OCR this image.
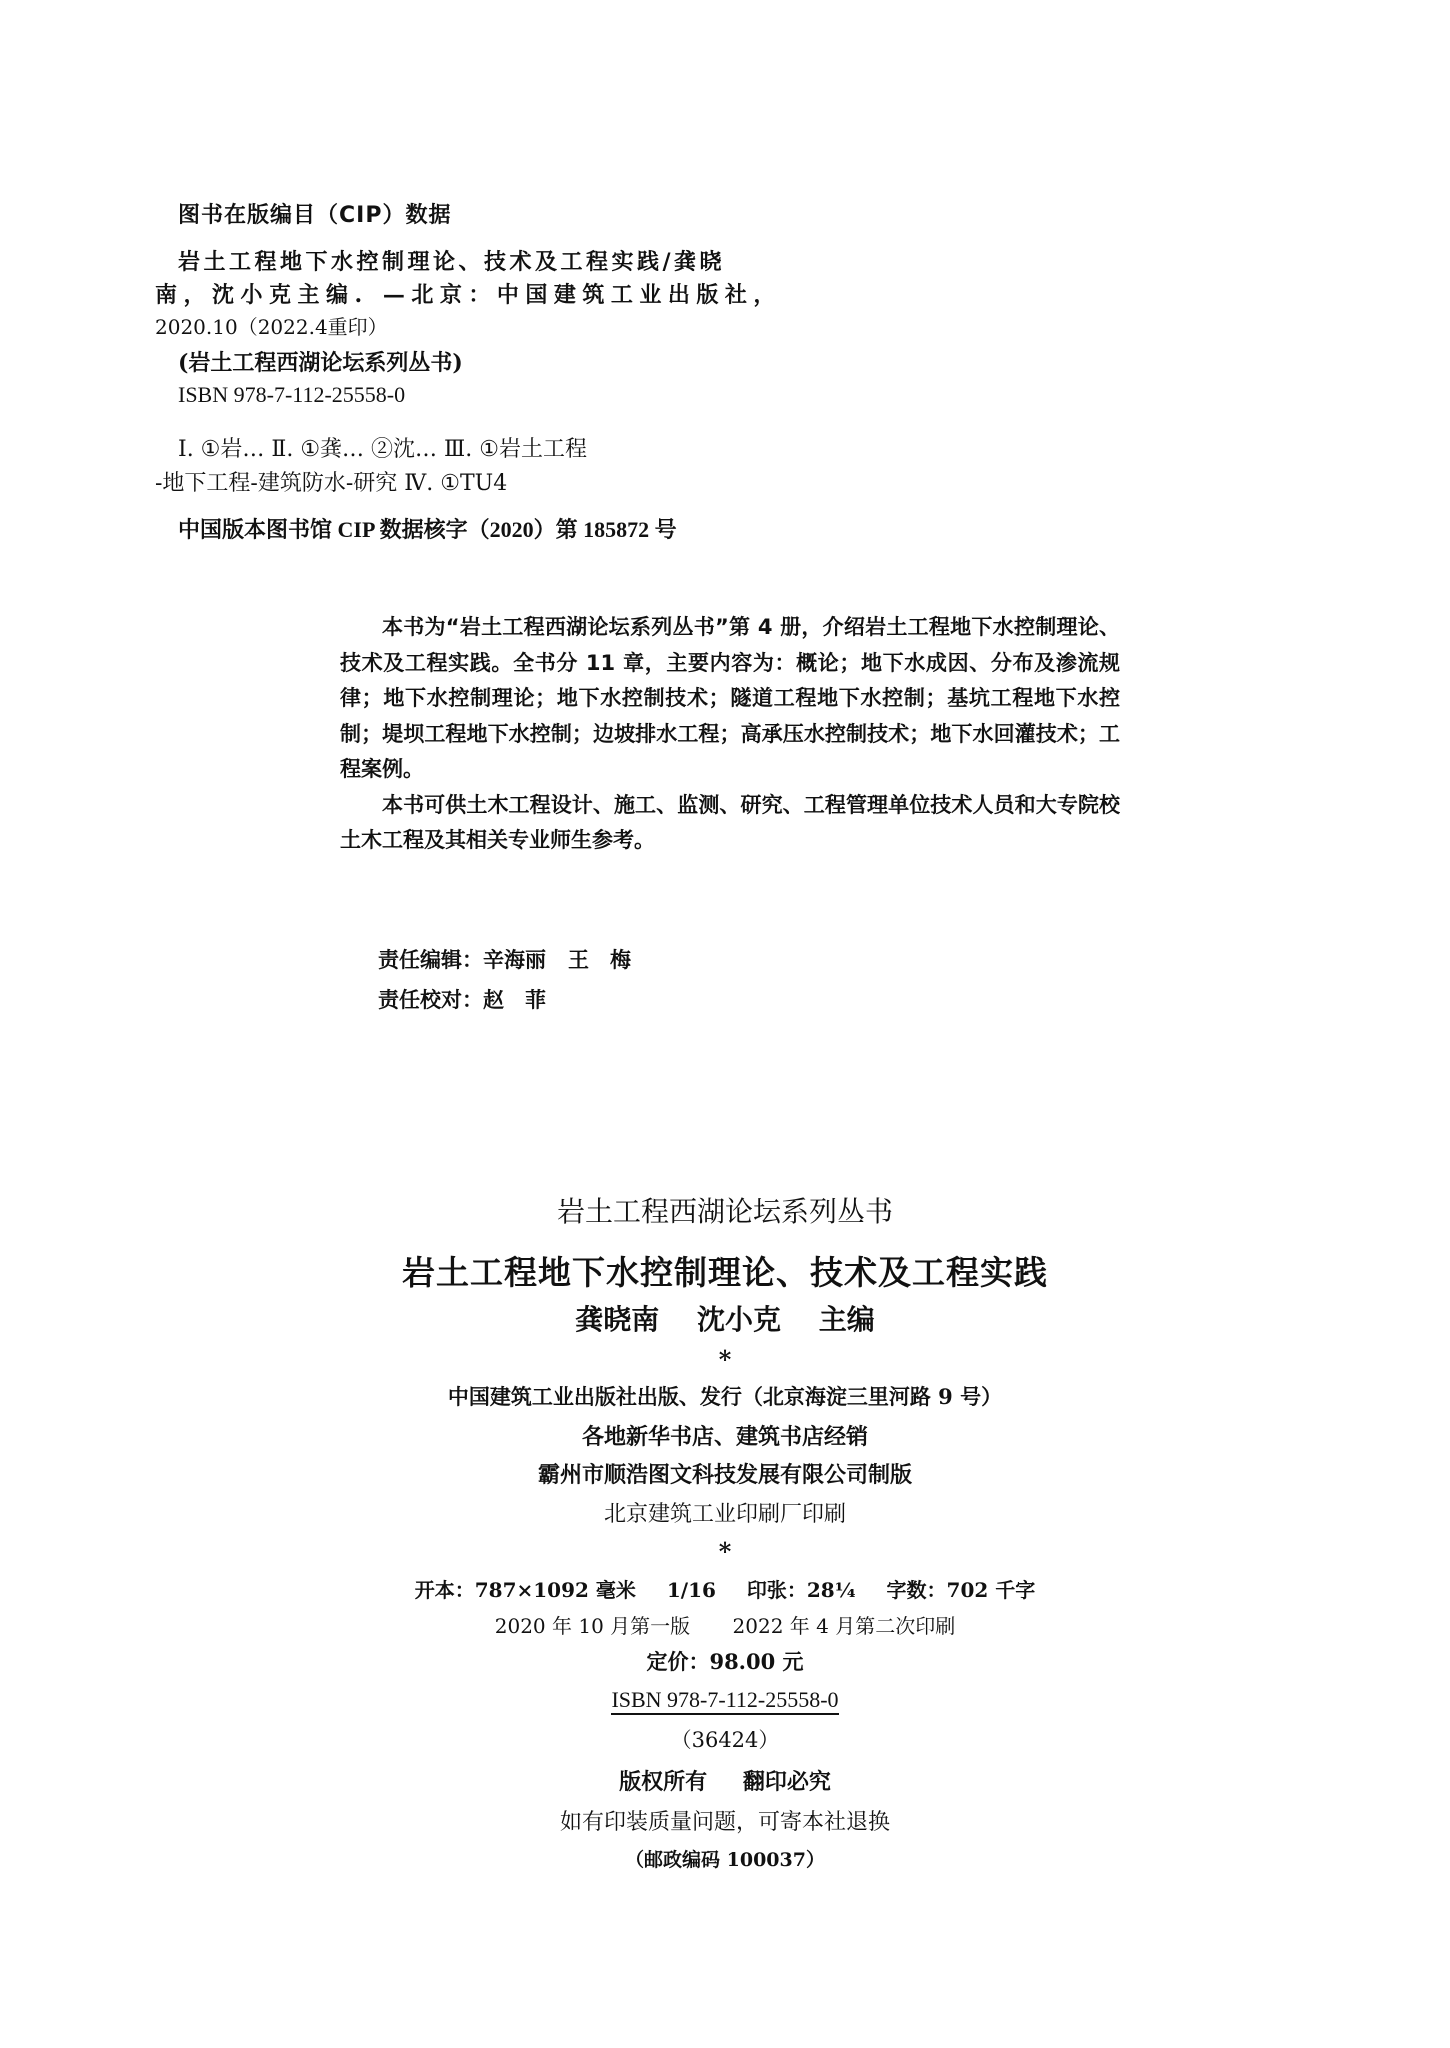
图书在版编目（CIP）数据
岩土工程地下水控制理论、技术及工程实践/龚晓
南，沈小克主编. —北京：中国建筑工业出版社，
2020.10（2022.4重印）
(岩土工程西湖论坛系列丛书)
ISBN 978-7-112-25558-0
Ⅰ. ①岩… Ⅱ. ①龚… ②沈… Ⅲ. ①岩土工程
-地下工程-建筑防水-研究 Ⅳ. ①TU4
中国版本图书馆 CIP 数据核字（2020）第 185872 号

本书为“岩土工程西湖论坛系列丛书”第 4 册，介绍岩土工程地下水控制理论、技术及工程实践。全书分 11 章，主要内容为：概论；地下水成因、分布及渗流规律；地下水控制理论；地下水控制技术；隧道工程地下水控制；基坑工程地下水控制；堤坝工程地下水控制；边坡排水工程；高承压水控制技术；地下水回灌技术；工程案例。

本书可供土木工程设计、施工、监测、研究、工程管理单位技术人员和大专院校土木工程及其相关专业师生参考。

责任编辑：辛海丽 王　梅
责任校对：赵　菲
岩土工程西湖论坛系列丛书
岩土工程地下水控制理论、技术及工程实践
龚晓南 沈小克 主编
*
中国建筑工业出版社出版、发行（北京海淀三里河路 9 号）
各地新华书店、建筑书店经销
霸州市顺浩图文科技发展有限公司制版
北京建筑工业印刷厂印刷
*
开本：787×1092 毫米 1/16 印张：28¼ 字数：702 千字
2020 年 10 月第一版 2022 年 4 月第二次印刷
定价：98.00 元
ISBN 978-7-112-25558-0
（36424）
版权所有 翻印必究
如有印装质量问题，可寄本社退换
（邮政编码 100037）
